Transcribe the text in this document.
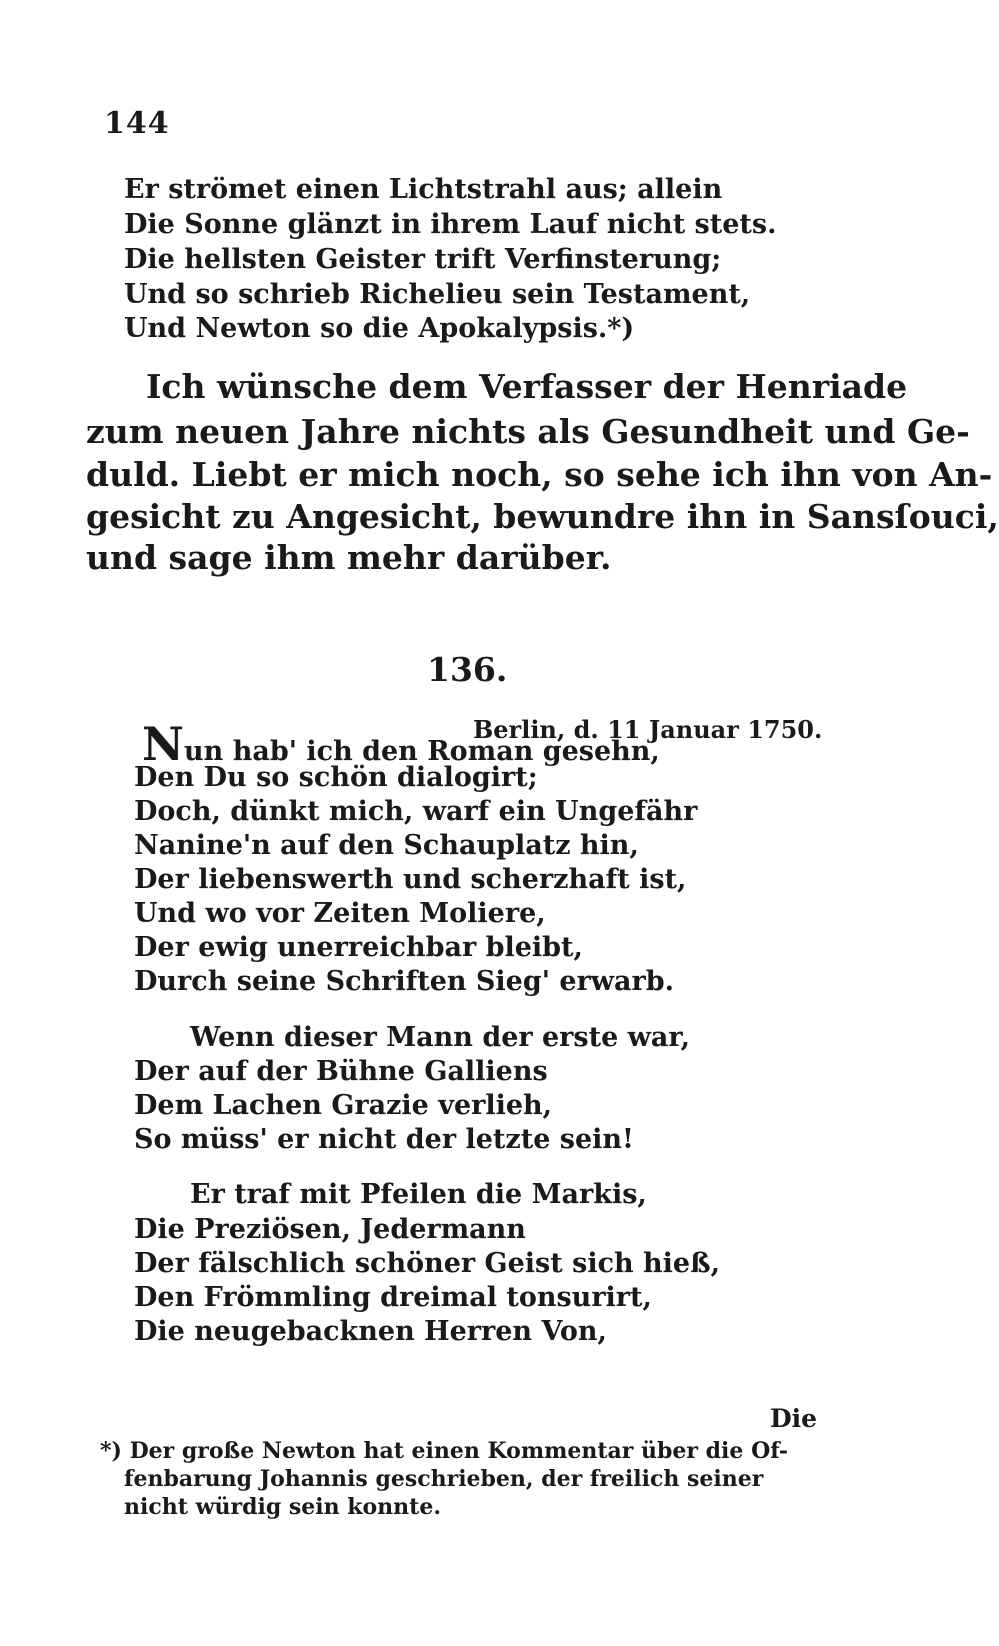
144
Er strömet einen Lichtstrahl aus; allein
Die Sonne glänzt in ihrem Lauf nicht stets.
Die hellsten Geister trift Verfinsterung;
Und so schrieb Richelieu sein Testament,
Und Newton so die Apokalypsis.*)
Ich wünsche dem Verfasser der Henriade
zum neuen Jahre nichts als Gesundheit und Ge-
duld. Liebt er mich noch, so sehe ich ihn von An-
gesicht zu Angesicht, bewundre ihn in Sansſouci,
und sage ihm mehr darüber.
136.
Berlin, d. 11 Januar 1750.
Nun hab' ich den Roman gesehn,
Den Du so schön dialogirt;
Doch, dünkt mich, warf ein Ungefähr
Nanine'n auf den Schauplatz hin,
Der liebenswerth und scherzhaft ist,
Und wo vor Zeiten Moliere,
Der ewig unerreichbar bleibt,
Durch seine Schriften Sieg' erwarb.
Wenn dieser Mann der erste war,
Der auf der Bühne Galliens
Dem Lachen Grazie verlieh,
So müss' er nicht der letzte sein!
Er traf mit Pfeilen die Markis,
Die Preziösen, Jedermann
Der fälschlich schöner Geist sich hieß,
Den Frömmling dreimal tonsurirt,
Die neugebacknen Herren Von,
Die
*) Der große Newton hat einen Kommentar über die Of-
fenbarung Johannis geschrieben, der freilich seiner
nicht würdig sein konnte.
